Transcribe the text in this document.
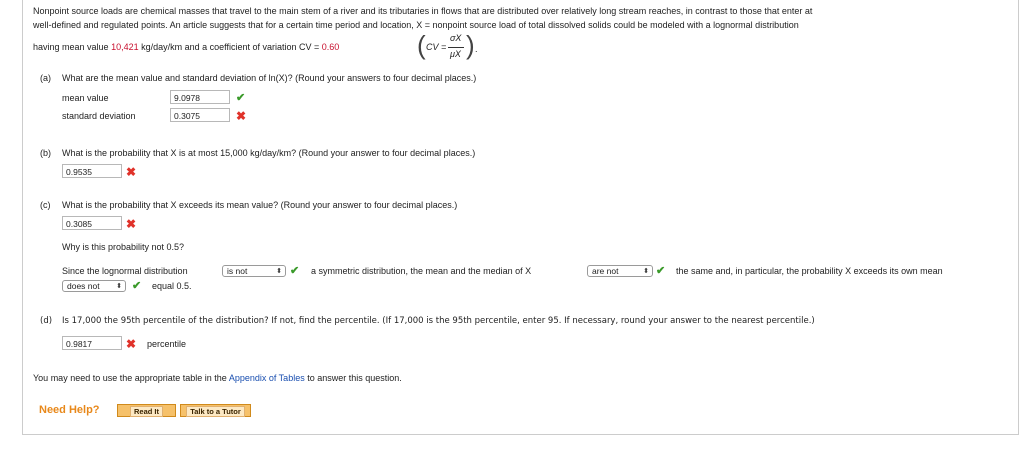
Nonpoint source loads are chemical masses that travel to the main stem of a river and its tributaries in flows that are distributed over relatively long stream reaches, in contrast to those that enter at
well-defined and regulated points. An article suggests that for a certain time period and location, X = nonpoint source load of total dissolved solids could be modeled with a lognormal distribution
having mean value 10,421 kg/day/km and a coefficient of variation CV = 0.60	( CV =
σX
μX ) .
(a) What are the mean value and standard deviation of ln(X)? (Round your answers to four decimal places.)
mean value	9.0978	✔
standard deviation	0.3075	✖
(b) What is the probability that X is at most 15,000 kg/day/km? (Round your answer to four decimal places.)
0.9535	✖
(c) What is the probability that X exceeds its mean value? (Round your answer to four decimal places.)
0.3085	✖
Why is this probability not 0.5?
Since the lognormal distribution	is not	⬍ ✔ a symmetric distribution, the mean and the median of X	are not	⬍ ✔ the same and, in particular, the probability X exceeds its own mean
does not ⬍ ✔ equal 0.5.
(d) Is 17,000 the 95th percentile of the distribution? If not, find the percentile. (If 17,000 is the 95th percentile, enter 95. If necessary, round your answer to the nearest percentile.)
0.9817	✖ percentile
You may need to use the appropriate table in the Appendix of Tables to answer this question.
Need Help?	Read It	Talk to a Tutor
